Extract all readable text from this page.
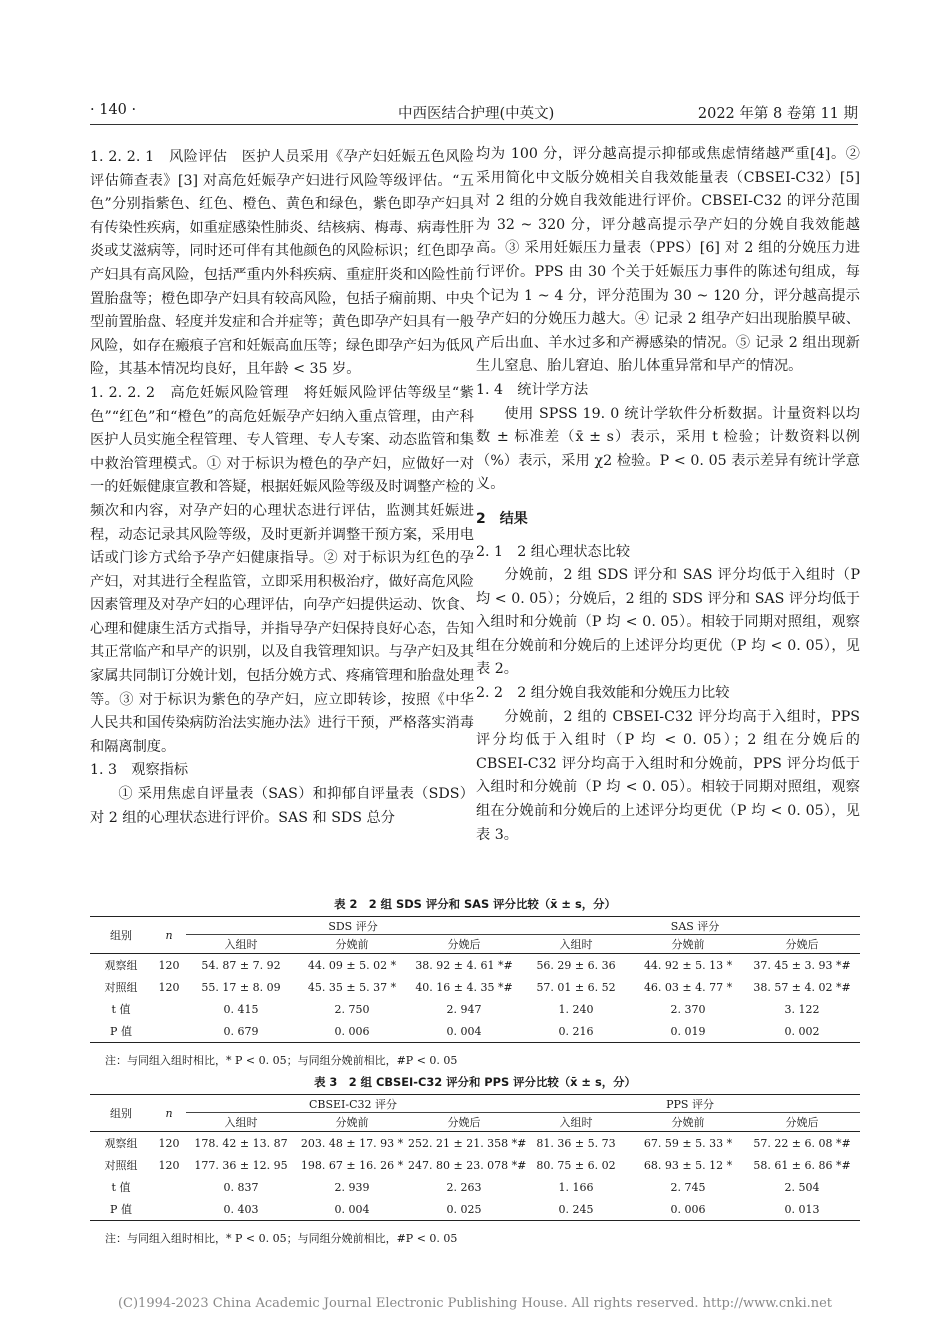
· 140 ·	中西医结合护理(中英文)	2022 年第 8 卷第 11 期

1. 2. 2. 1　风险评估　医护人员采用《孕产妇妊娠五色风险评估筛查表》[3] 对高危妊娠孕产妇进行风险等级评估。“五色”分别指紫色、红色、橙色、黄色和绿色，紫色即孕产妇具有传染性疾病，如重症感染性肺炎、结核病、梅毒、病毒性肝炎或艾滋病等，同时还可伴有其他颜色的风险标识；红色即孕产妇具有高风险，包括严重内外科疾病、重症肝炎和凶险性前置胎盘等；橙色即孕产妇具有较高风险，包括子痫前期、中央型前置胎盘、轻度并发症和合并症等；黄色即孕产妇具有一般风险，如存在瘢痕子宫和妊娠高血压等；绿色即孕产妇为低风险，其基本情况均良好，且年龄 < 35 岁。

1. 2. 2. 2　高危妊娠风险管理　将妊娠风险评估等级呈“紫色”“红色”和“橙色”的高危妊娠孕产妇纳入重点管理，由产科医护人员实施全程管理、专人管理、专人专案、动态监管和集中救治管理模式。① 对于标识为橙色的孕产妇，应做好一对一的妊娠健康宣教和答疑，根据妊娠风险等级及时调整产检的频次和内容，对孕产妇的心理状态进行评估，监测其妊娠进程，动态记录其风险等级，及时更新并调整干预方案，采用电话或门诊方式给予孕产妇健康指导。② 对于标识为红色的孕产妇，对其进行全程监管，立即采用积极治疗，做好高危风险因素管理及对孕产妇的心理评估，向孕产妇提供运动、饮食、心理和健康生活方式指导，并指导孕产妇保持良好心态，告知其正常临产和早产的识别，以及自我管理知识。与孕产妇及其家属共同制订分娩计划，包括分娩方式、疼痛管理和胎盘处理等。③ 对于标识为紫色的孕产妇，应立即转诊，按照《中华人民共和国传染病防治法实施办法》进行干预，严格落实消毒和隔离制度。

1. 3　观察指标

① 采用焦虑自评量表（SAS）和抑郁自评量表（SDS）对 2 组的心理状态进行评价。SAS 和 SDS 总分

均为 100 分，评分越高提示抑郁或焦虑情绪越严重[4]。② 采用简化中文版分娩相关自我效能量表（CBSEI-C32）[5] 对 2 组的分娩自我效能进行评价。CBSEI-C32 的评分范围为 32 ~ 320 分，评分越高提示孕产妇的分娩自我效能越高。③ 采用妊娠压力量表（PPS）[6] 对 2 组的分娩压力进行评价。PPS 由 30 个关于妊娠压力事件的陈述句组成，每个记为 1 ~ 4 分，评分范围为 30 ~ 120 分，评分越高提示孕产妇的分娩压力越大。④ 记录 2 组孕产妇出现胎膜早破、产后出血、羊水过多和产褥感染的情况。⑤ 记录 2 组出现新生儿窒息、胎儿窘迫、胎儿体重异常和早产的情况。

1. 4　统计学方法

使用 SPSS 19. 0 统计学软件分析数据。计量资料以均数 ± 标准差（x̄ ± s）表示，采用 t 检验；计数资料以例（%）表示，采用 χ2 检验。P < 0. 05 表示差异有统计学意义。

2　结果

2. 1　2 组心理状态比较

分娩前，2 组 SDS 评分和 SAS 评分均低于入组时（P 均 < 0. 05）；分娩后，2 组的 SDS 评分和 SAS 评分均低于入组时和分娩前（P 均 < 0. 05）。相较于同期对照组，观察组在分娩前和分娩后的上述评分均更优（P 均 < 0. 05），见表 2。

2. 2　2 组分娩自我效能和分娩压力比较

分娩前，2 组的 CBSEI-C32 评分均高于入组时，PPS 评分均低于入组时（P 均 < 0. 05）；2 组在分娩后的 CBSEI-C32 评分均高于入组时和分娩前，PPS 评分均低于入组时和分娩前（P 均 < 0. 05）。相较于同期对照组，观察组在分娩前和分娩后的上述评分均更优（P 均 < 0. 05），见表 3。

表 2　2 组 SDS 评分和 SAS 评分比较（x̄ ± s，分）
组别	n	SDS 评分			SAS 评分		
		入组时	分娩前	分娩后	入组时	分娩前	分娩后
观察组	120	54. 87 ± 7. 92	44. 09 ± 5. 02 *	38. 92 ± 4. 61 *#	56. 29 ± 6. 36	44. 92 ± 5. 13 *	37. 45 ± 3. 93 *#
对照组	120	55. 17 ± 8. 09	45. 35 ± 5. 37 *	40. 16 ± 4. 35 *#	57. 01 ± 6. 52	46. 03 ± 4. 77 *	38. 57 ± 4. 02 *#
t 值		0. 415	2. 750	2. 947	1. 240	2. 370	3. 122
P 值		0. 679	0. 006	0. 004	0. 216	0. 019	0. 002
注：与同组入组时相比，* P < 0. 05；与同组分娩前相比，#P < 0. 05
表 3　2 组 CBSEI-C32 评分和 PPS 评分比较（x̄ ± s，分）
组别	n	CBSEI-C32 评分			PPS 评分		
		入组时	分娩前	分娩后	入组时	分娩前	分娩后
观察组	120	178. 42 ± 13. 87	203. 48 ± 17. 93 *	252. 21 ± 21. 358 *#	81. 36 ± 5. 73	67. 59 ± 5. 33 *	57. 22 ± 6. 08 *#
对照组	120	177. 36 ± 12. 95	198. 67 ± 16. 26 *	247. 80 ± 23. 078 *#	80. 75 ± 6. 02	68. 93 ± 5. 12 *	58. 61 ± 6. 86 *#
t 值		0. 837	2. 939	2. 263	1. 166	2. 745	2. 504
P 值		0. 403	0. 004	0. 025	0. 245	0. 006	0. 013
注：与同组入组时相比，* P < 0. 05；与同组分娩前相比，#P < 0. 05
(C)1994-2023 China Academic Journal Electronic Publishing House. All rights reserved. http://www.cnki.net
